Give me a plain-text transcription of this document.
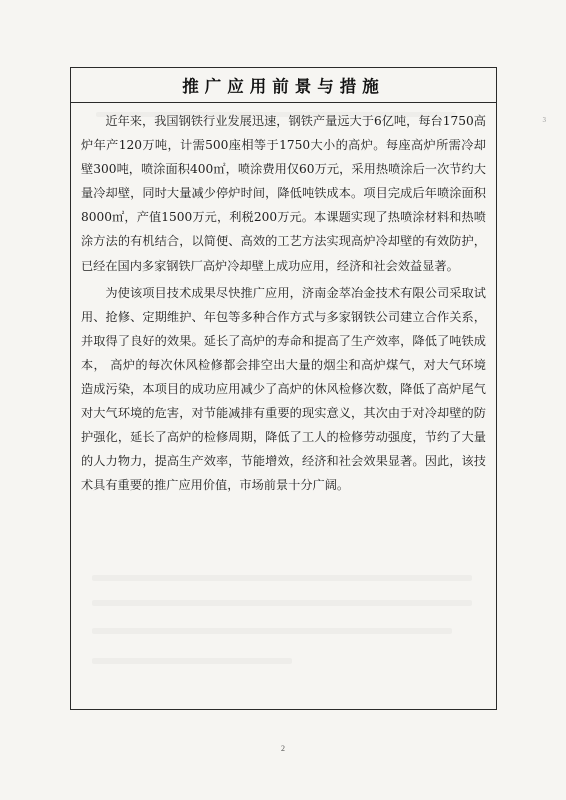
3
推广应用前景与措施

近年来，我国钢铁行业发展迅速，钢铁产量远大于6亿吨，每台1750高炉年产120万吨，计需500座相等于1750大小的高炉。每座高炉所需冷却壁300吨，喷涂面积400㎡，喷涂费用仅60万元，采用热喷涂后一次节约大量冷却壁，同时大量减少停炉时间，降低吨铁成本。项目完成后年喷涂面积8000㎡，产值1500万元，利税200万元。本课题实现了热喷涂材料和热喷涂方法的有机结合，以简便、高效的工艺方法实现高炉冷却壁的有效防护，已经在国内多家钢铁厂高炉冷却壁上成功应用，经济和社会效益显著。

为使该项目技术成果尽快推广应用，济南金萃冶金技术有限公司采取试用、抢修、定期维护、年包等多种合作方式与多家钢铁公司建立合作关系，并取得了良好的效果。延长了高炉的寿命和提高了生产效率，降低了吨铁成本， 高炉的每次休风检修都会排空出大量的烟尘和高炉煤气，对大气环境造成污染，本项目的成功应用减少了高炉的休风检修次数，降低了高炉尾气对大气环境的危害，对节能减排有重要的现实意义，其次由于对冷却壁的防护强化，延长了高炉的检修周期，降低了工人的检修劳动强度，节约了大量的人力物力，提高生产效率，节能增效，经济和社会效果显著。因此，该技术具有重要的推广应用价值，市场前景十分广阔。

2
